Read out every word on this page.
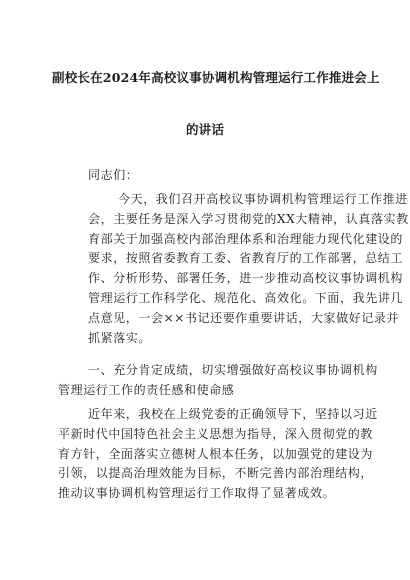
副校长在2024年高校议事协调机构管理运行工作推进会上
的讲话
同志们：
今天，我们召开高校议事协调机构管理运行工作推进
会，主要任务是深入学习贯彻党的XX大精神，认真落实教
育部关于加强高校内部治理体系和治理能力现代化建设的
要求，按照省委教育工委、省教育厅的工作部署，总结工
作、分析形势、部署任务，进一步推动高校议事协调机构
管理运行工作科学化、规范化、高效化。下面，我先讲几
点意见，一会××书记还要作重要讲话，大家做好记录并
抓紧落实。
一、充分肯定成绩，切实增强做好高校议事协调机构
管理运行工作的责任感和使命感
近年来，我校在上级党委的正确领导下，坚持以习近
平新时代中国特色社会主义思想为指导，深入贯彻党的教
育方针，全面落实立德树人根本任务，以加强党的建设为
引领，以提高治理效能为目标，不断完善内部治理结构，
推动议事协调机构管理运行工作取得了显著成效。
